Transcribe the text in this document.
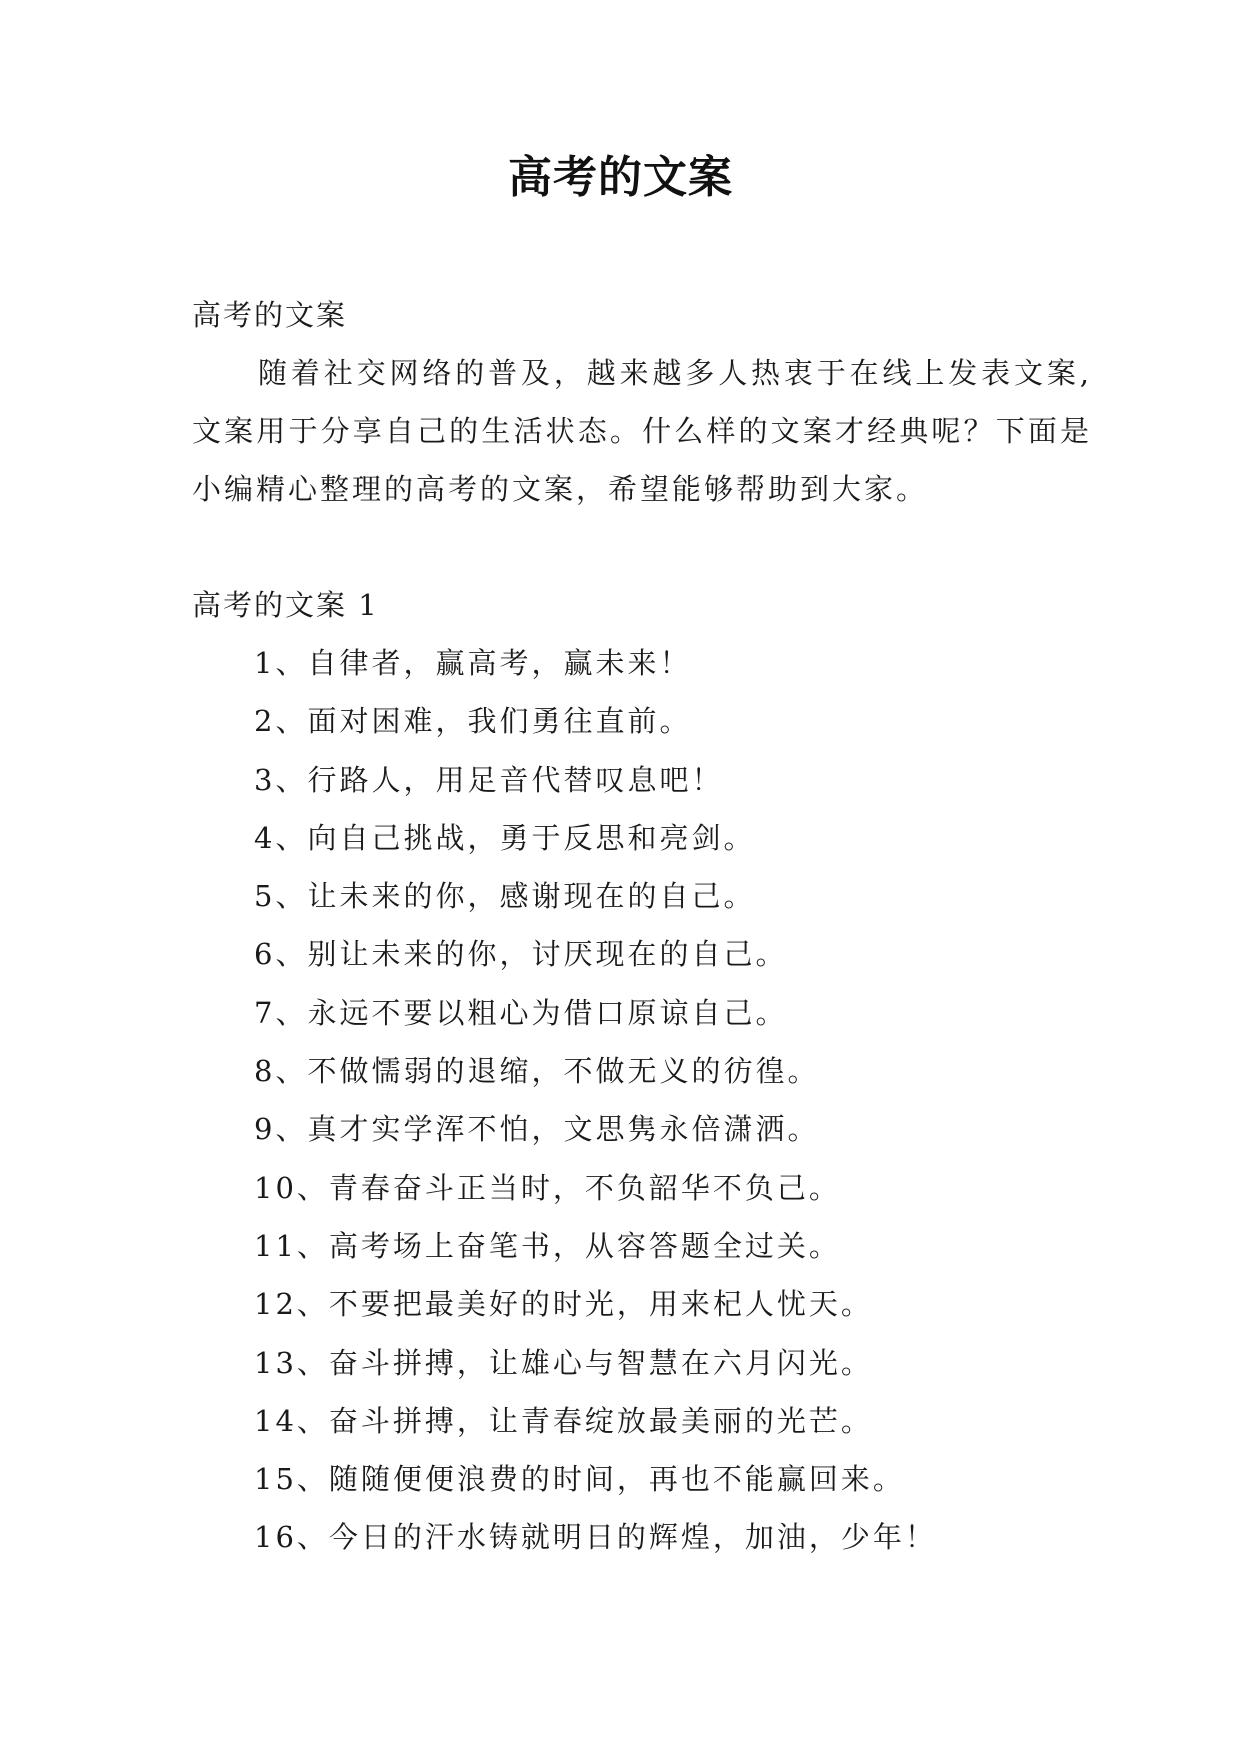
高考的文案

高考的文案

随着社交网络的普及，越来越多人热衷于在线上发表文案,文案用于分享自己的生活状态。什么样的文案才经典呢？下面是小编精心整理的高考的文案，希望能够帮助到大家。

高考的文案 1

1、自律者，赢高考，赢未来！
2、面对困难，我们勇往直前。
3、行路人，用足音代替叹息吧！
4、向自己挑战，勇于反思和亮剑。
5、让未来的你，感谢现在的自己。
6、别让未来的你，讨厌现在的自己。
7、永远不要以粗心为借口原谅自己。
8、不做懦弱的退缩，不做无义的彷徨。
9、真才实学浑不怕，文思隽永倍潇洒。
10、青春奋斗正当时，不负韶华不负己。
11、高考场上奋笔书，从容答题全过关。
12、不要把最美好的时光，用来杞人忧天。
13、奋斗拼搏，让雄心与智慧在六月闪光。
14、奋斗拼搏，让青春绽放最美丽的光芒。
15、随随便便浪费的时间，再也不能赢回来。
16、今日的汗水铸就明日的辉煌，加油，少年！
